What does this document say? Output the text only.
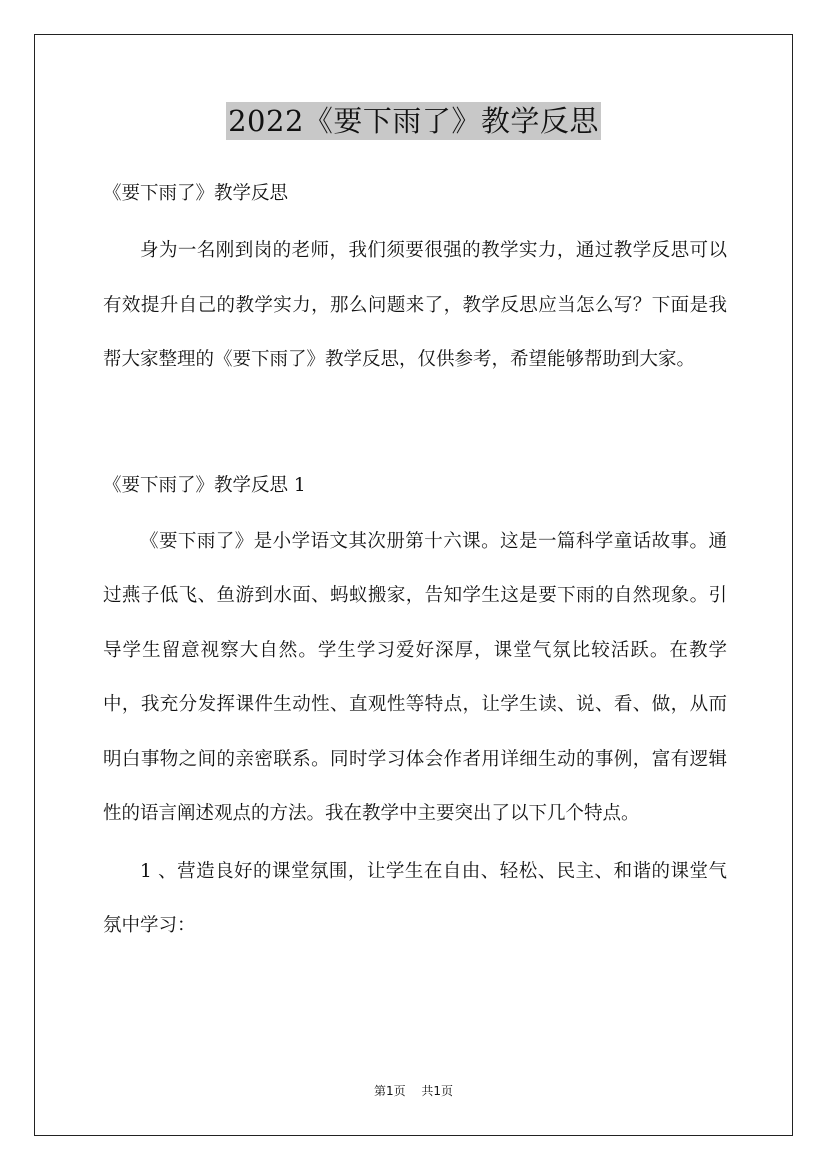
2022《要下雨了》教学反思
《要下雨了》教学反思

身为一名刚到岗的老师，我们须要很强的教学实力，通过教学反思可以有效提升自己的教学实力，那么问题来了，教学反思应当怎么写？下面是我帮大家整理的《要下雨了》教学反思，仅供参考，希望能够帮助到大家。

《要下雨了》教学反思 1

《要下雨了》是小学语文其次册第十六课。这是一篇科学童话故事。通过燕子低飞、鱼游到水面、蚂蚁搬家，告知学生这是要下雨的自然现象。引导学生留意视察大自然。学生学习爱好深厚，课堂气氛比较活跃。在教学中，我充分发挥课件生动性、直观性等特点，让学生读、说、看、做，从而明白事物之间的亲密联系。同时学习体会作者用详细生动的事例，富有逻辑性的语言阐述观点的方法。我在教学中主要突出了以下几个特点。

1 、营造良好的课堂氛围，让学生在自由、轻松、民主、和谐的课堂气氛中学习：

第1页 共1页
